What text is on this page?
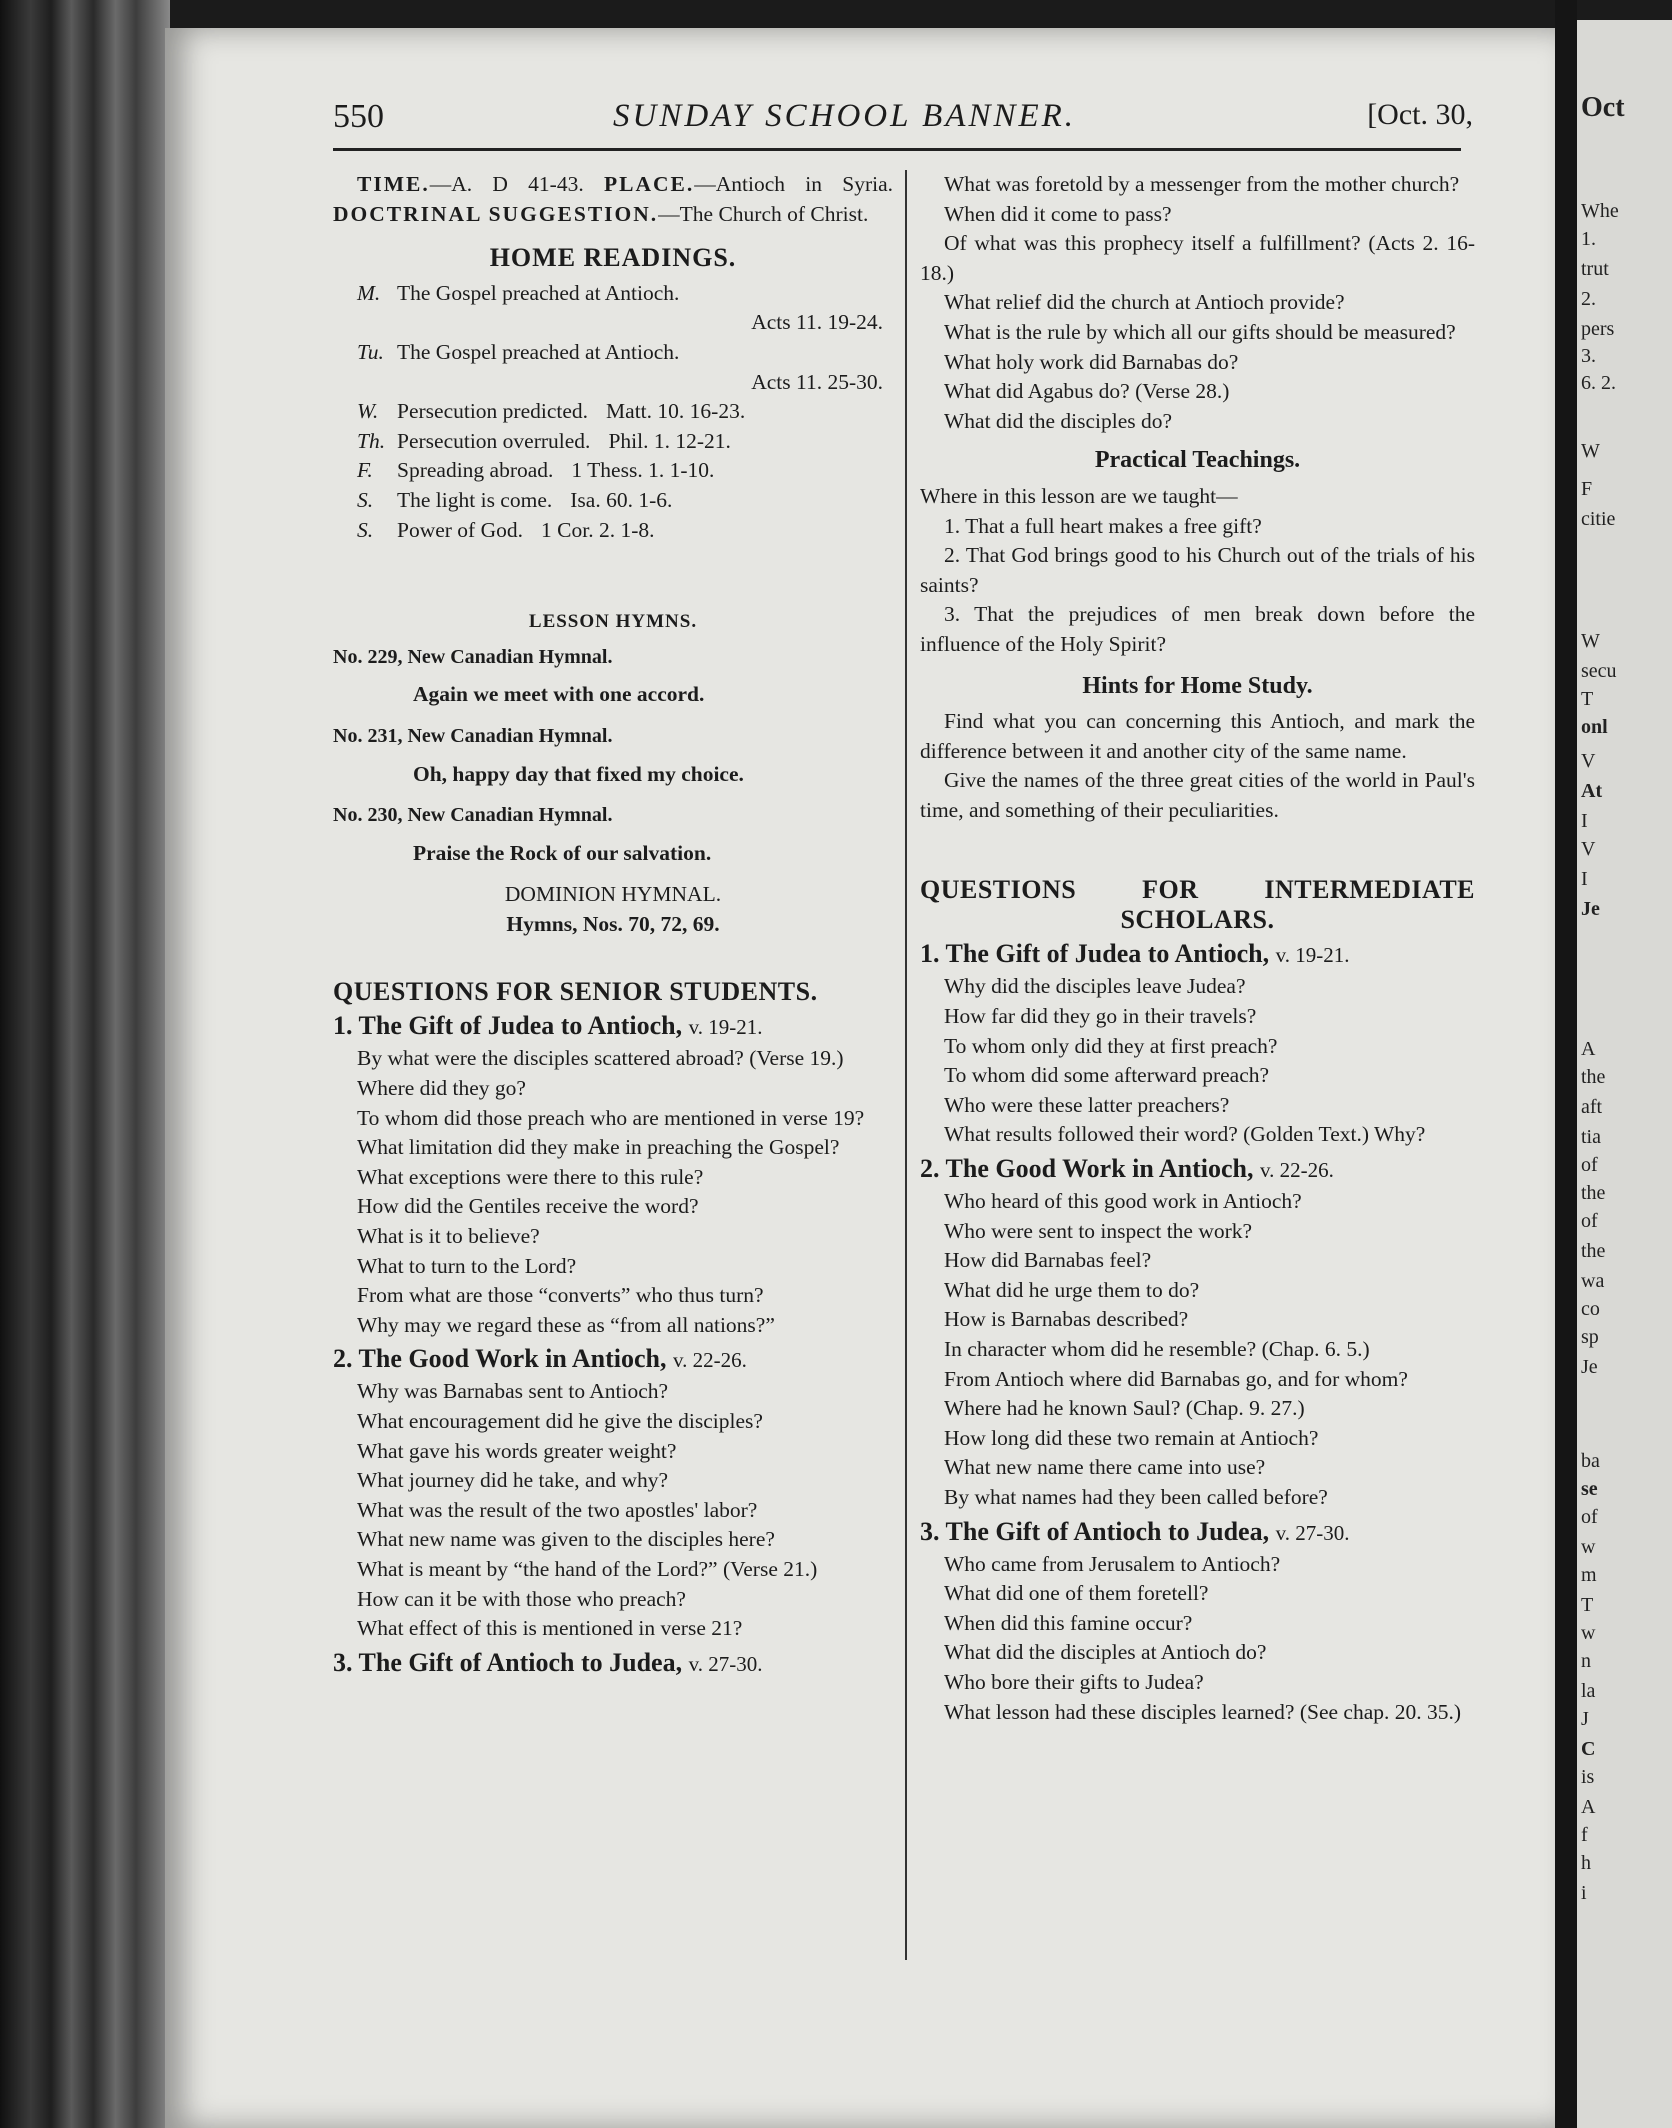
Oct
Whe
1.
trut
2.
pers
3.
6. 2.
W
F
citie
W
secu
T
onl
V
At
I
V
I
Je
A
the
aft
tia
of
the
of
the
wa
co
sp
Je
ba
se
of
w
m
T
w
n
la
J
C
is
A
f
h
i
550	SUNDAY SCHOOL BANNER.	[Oct. 30,

TIME.—A. D 41-43. PLACE.—Antioch in Syria. DOCTRINAL SUGGESTION.—The Church of Christ.

HOME READINGS.
M. The Gospel preached at Antioch.
Acts 11. 19-24.
Tu. The Gospel preached at Antioch.
Acts 11. 25-30.
W. Persecution predicted. Matt. 10. 16-23.
Th. Persecution overruled. Phil. 1. 12-21.
F. Spreading abroad. 1 Thess. 1. 1-10.
S. The light is come. Isa. 60. 1-6.
S. Power of God. 1 Cor. 2. 1-8.
LESSON HYMNS.

No. 229, New Canadian Hymnal.

Again we meet with one accord.

No. 231, New Canadian Hymnal.

Oh, happy day that fixed my choice.

No. 230, New Canadian Hymnal.

Praise the Rock of our salvation.

DOMINION HYMNAL.
Hymns, Nos. 70, 72, 69.
QUESTIONS FOR SENIOR STUDENTS.
1. The Gift of Judea to Antioch, v. 19-21.

By what were the disciples scattered abroad? (Verse 19.)

Where did they go?

To whom did those preach who are mentioned in verse 19?

What limitation did they make in preaching the Gospel?

What exceptions were there to this rule?

How did the Gentiles receive the word?

What is it to believe?

What to turn to the Lord?

From what are those “converts” who thus turn?

Why may we regard these as “from all nations?”

2. The Good Work in Antioch, v. 22-26.

Why was Barnabas sent to Antioch?

What encouragement did he give the disciples?

What gave his words greater weight?

What journey did he take, and why?

What was the result of the two apostles' labor?

What new name was given to the disciples here?

What is meant by “the hand of the Lord?” (Verse 21.)

How can it be with those who preach?

What effect of this is mentioned in verse 21?

3. The Gift of Antioch to Judea, v. 27-30.

What was foretold by a messenger from the mother church?

When did it come to pass?

Of what was this prophecy itself a fulfillment? (Acts 2. 16-18.)

What relief did the church at Antioch provide?

What is the rule by which all our gifts should be measured?

What holy work did Barnabas do?

What did Agabus do? (Verse 28.)

What did the disciples do?

Practical Teachings.

Where in this lesson are we taught—

1. That a full heart makes a free gift?

2. That God brings good to his Church out of the trials of his saints?

3. That the prejudices of men break down before the influence of the Holy Spirit?

Hints for Home Study.

Find what you can concerning this Antioch, and mark the difference between it and another city of the same name.

Give the names of the three great cities of the world in Paul's time, and something of their peculiarities.

QUESTIONS FOR INTERMEDIATE
SCHOLARS.
1. The Gift of Judea to Antioch, v. 19-21.

Why did the disciples leave Judea?

How far did they go in their travels?

To whom only did they at first preach?

To whom did some afterward preach?

Who were these latter preachers?

What results followed their word? (Golden Text.) Why?

2. The Good Work in Antioch, v. 22-26.

Who heard of this good work in Antioch?

Who were sent to inspect the work?

How did Barnabas feel?

What did he urge them to do?

How is Barnabas described?

In character whom did he resemble? (Chap. 6. 5.)

From Antioch where did Barnabas go, and for whom?

Where had he known Saul? (Chap. 9. 27.)

How long did these two remain at Antioch?

What new name there came into use?

By what names had they been called before?

3. The Gift of Antioch to Judea, v. 27-30.

Who came from Jerusalem to Antioch?

What did one of them foretell?

When did this famine occur?

What did the disciples at Antioch do?

Who bore their gifts to Judea?

What lesson had these disciples learned? (See chap. 20. 35.)
